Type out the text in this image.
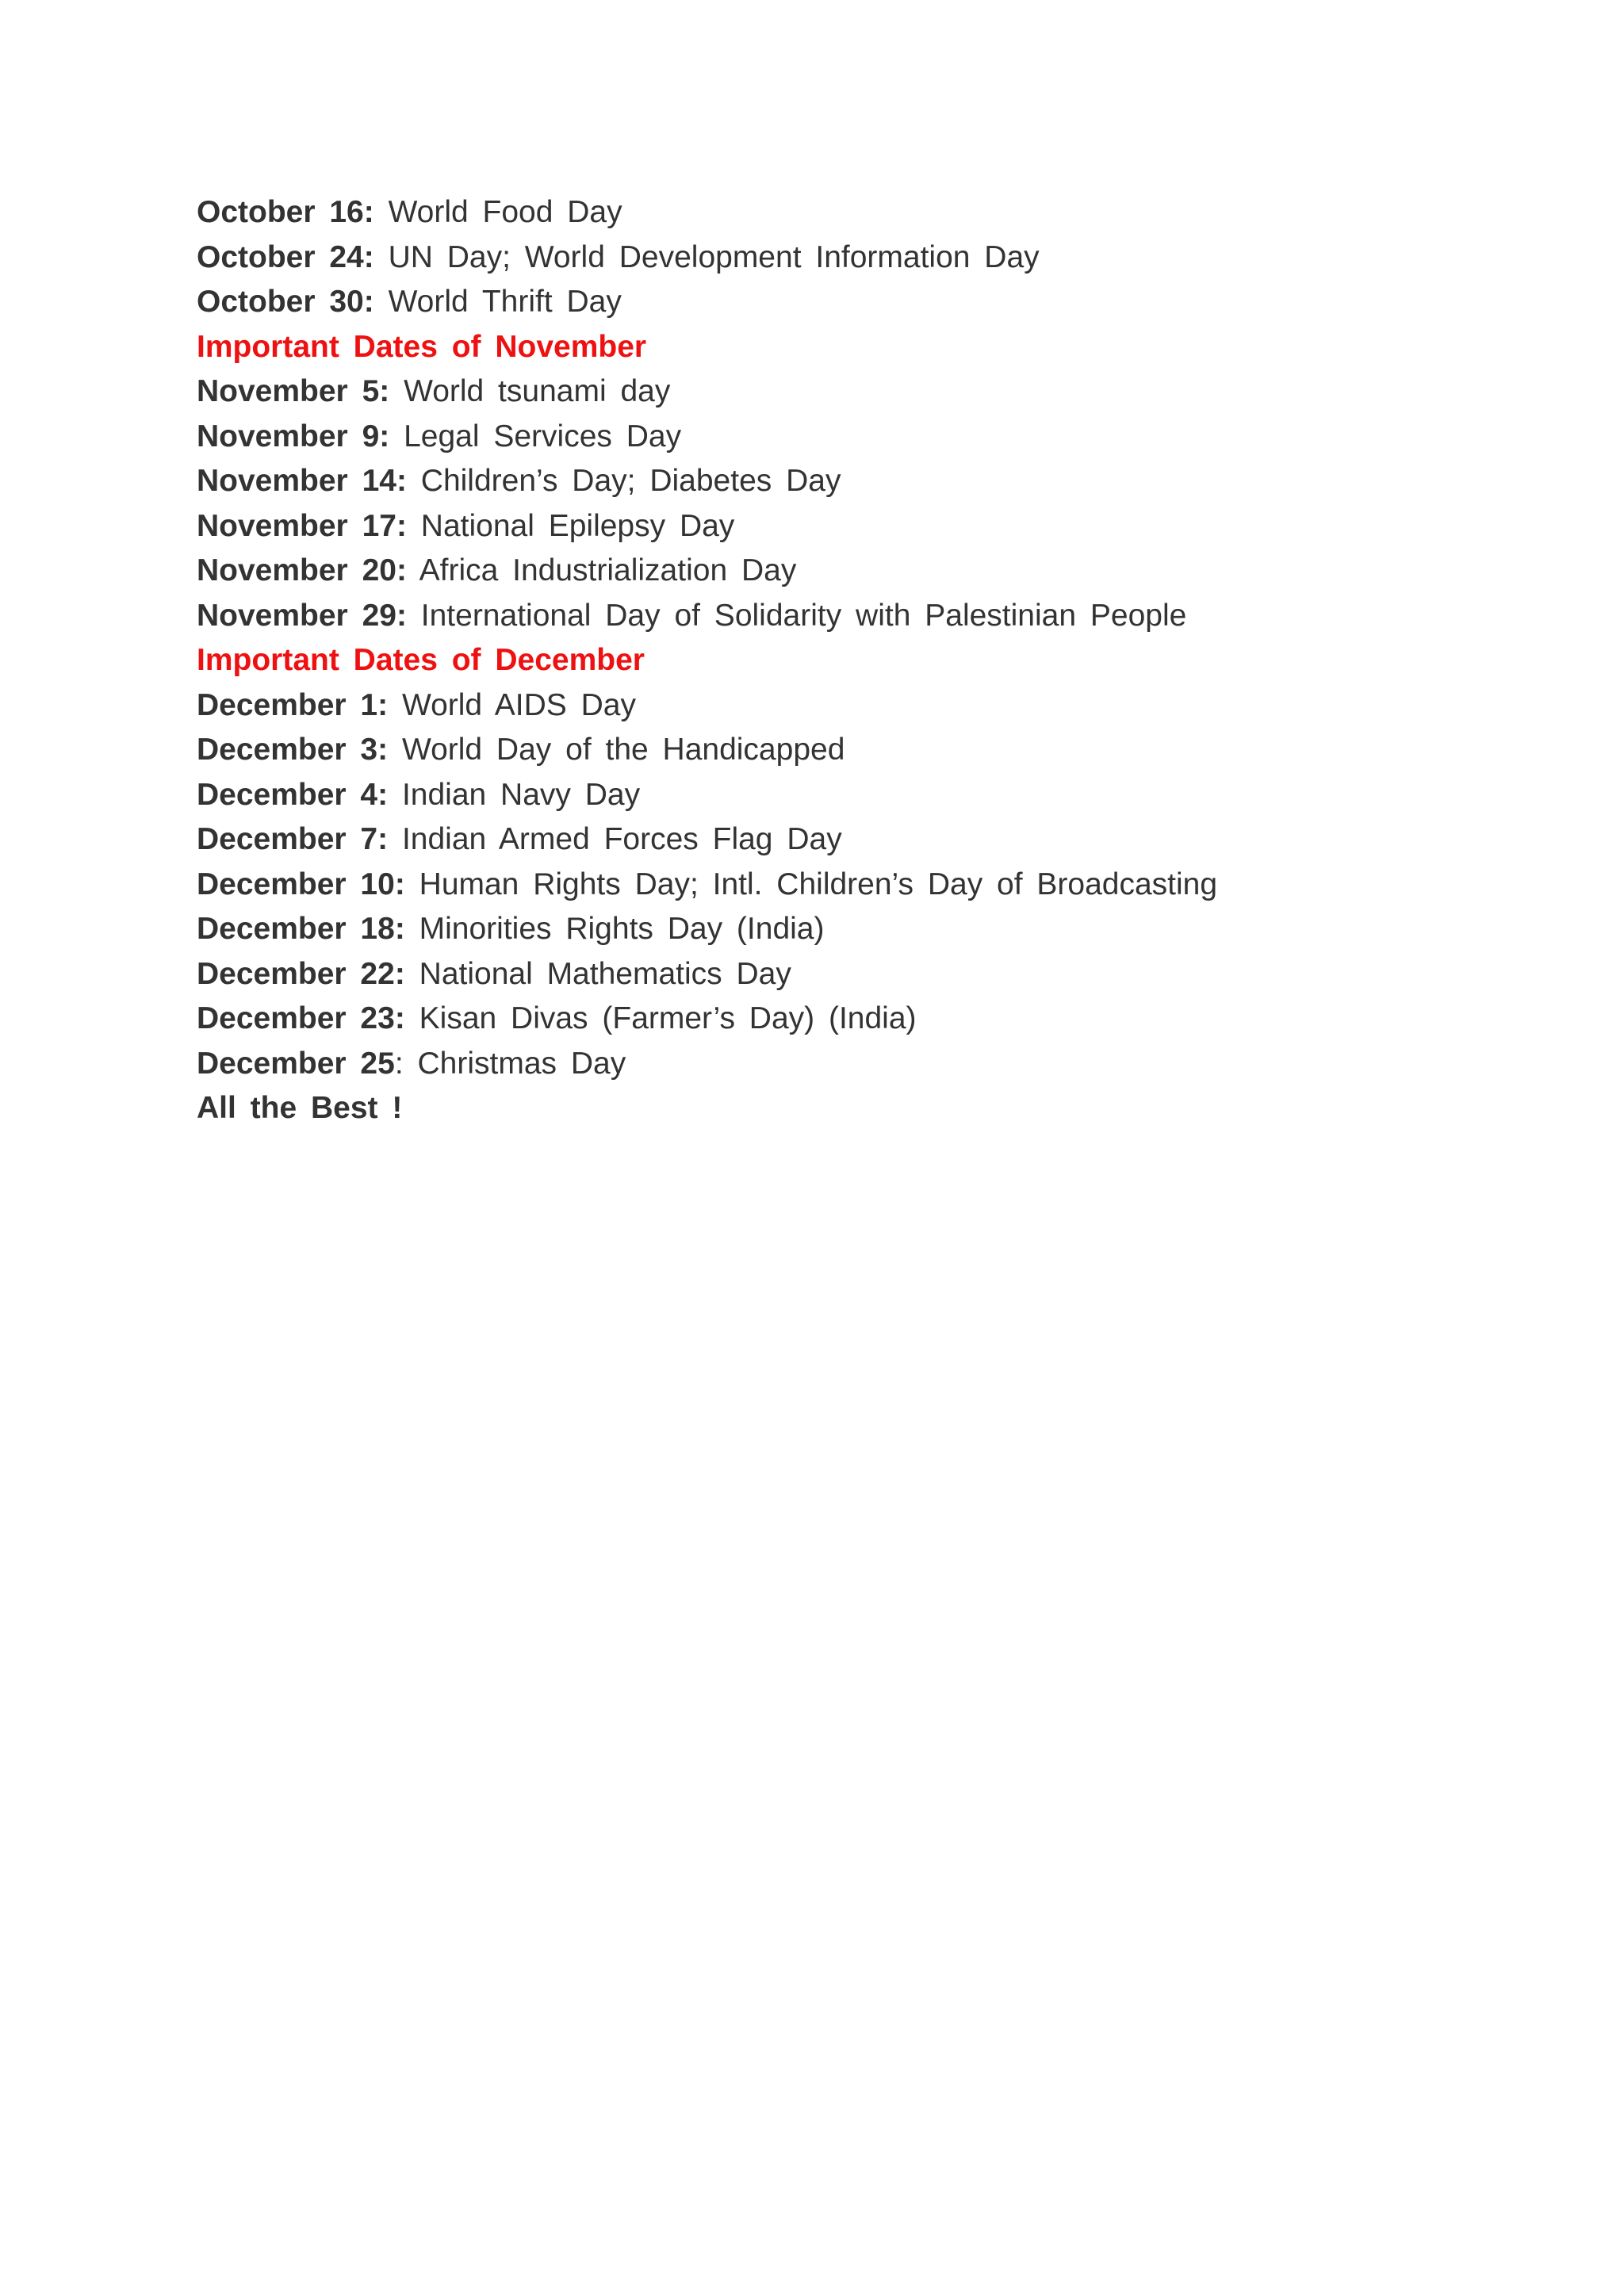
October 16: World Food Day
October 24: UN Day; World Development Information Day
October 30: World Thrift Day
Important Dates of November
November 5: World tsunami day
November 9: Legal Services Day
November 14: Children’s Day; Diabetes Day
November 17: National Epilepsy Day
November 20: Africa Industrialization Day
November 29: International Day of Solidarity with Palestinian People
Important Dates of December
December 1: World AIDS Day
December 3: World Day of the Handicapped
December 4: Indian Navy Day
December 7: Indian Armed Forces Flag Day
December 10: Human Rights Day; Intl. Children’s Day of Broadcasting
December 18: Minorities Rights Day (India)
December 22: National Mathematics Day
December 23: Kisan Divas (Farmer’s Day) (India)
December 25: Christmas Day
All the Best !
